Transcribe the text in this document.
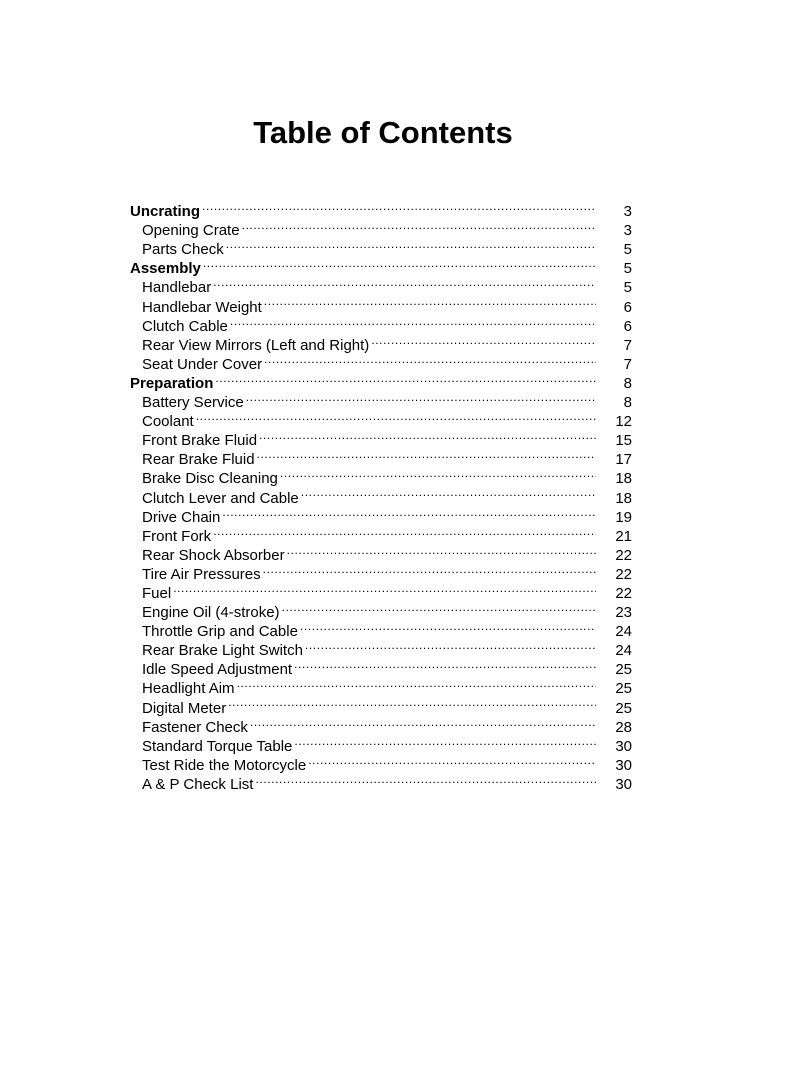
Table of Contents
Uncrating .....	3
Opening Crate .....	3
Parts Check .....	5
Assembly .....	5
Handlebar .....	5
Handlebar Weight .....	6
Clutch Cable .....	6
Rear View Mirrors (Left and Right) .....	7
Seat Under Cover .....	7
Preparation .....	8
Battery Service .....	8
Coolant .....	12
Front Brake Fluid .....	15
Rear Brake Fluid .....	17
Brake Disc Cleaning .....	18
Clutch Lever and Cable .....	18
Drive Chain .....	19
Front Fork .....	21
Rear Shock Absorber .....	22
Tire Air Pressures .....	22
Fuel .....	22
Engine Oil (4-stroke) .....	23
Throttle Grip and Cable .....	24
Rear Brake Light Switch .....	24
Idle Speed Adjustment .....	25
Headlight Aim .....	25
Digital Meter .....	25
Fastener Check .....	28
Standard Torque Table .....	30
Test Ride the Motorcycle .....	30
A & P Check List .....	30
